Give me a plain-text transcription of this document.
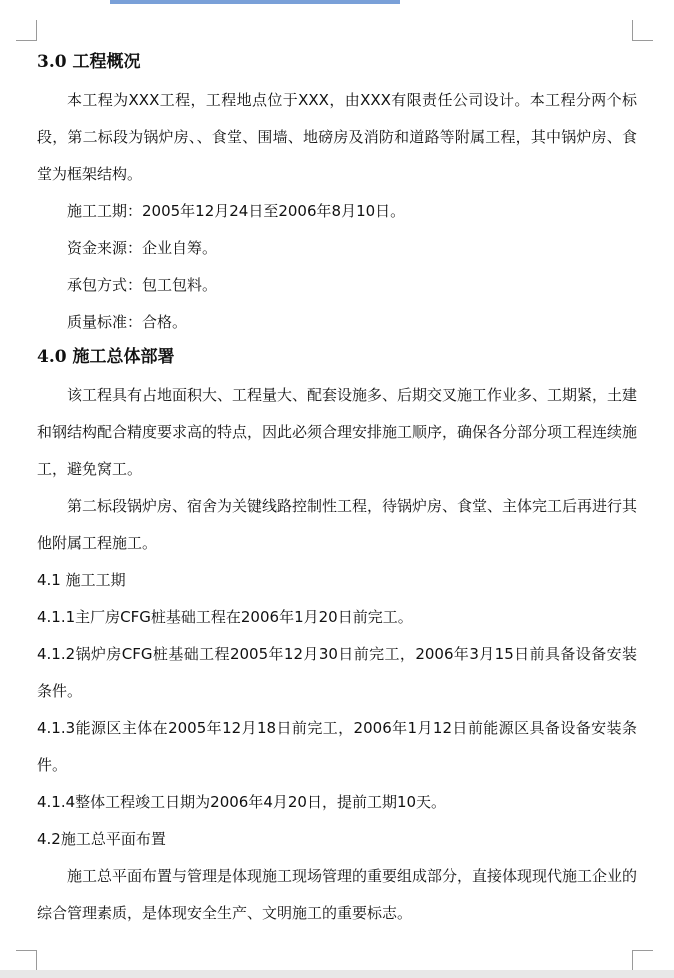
3.0 工程概况

本工程为XXX工程，工程地点位于XXX，由XXX有限责任公司设计。本工程分两个标段，第二标段为锅炉房、、食堂、围墙、地磅房及消防和道路等附属工程，其中锅炉房、食堂为框架结构。

施工工期：2005年12月24日至2006年8月10日。

资金来源：企业自筹。

承包方式：包工包料。

质量标准：合格。

4.0 施工总体部署

该工程具有占地面积大、工程量大、配套设施多、后期交叉施工作业多、工期紧，土建和钢结构配合精度要求高的特点，因此必须合理安排施工顺序，确保各分部分项工程连续施工，避免窝工。

第二标段锅炉房、宿舍为关键线路控制性工程，待锅炉房、食堂、主体完工后再进行其他附属工程施工。

4.1 施工工期

4.1.1主厂房CFG桩基础工程在2006年1月20日前完工。

4.1.2锅炉房CFG桩基础工程2005年12月30日前完工，2006年3月15日前具备设备安装条件。

4.1.3能源区主体在2005年12月18日前完工，2006年1月12日前能源区具备设备安装条件。

4.1.4整体工程竣工日期为2006年4月20日，提前工期10天。

4.2施工总平面布置

施工总平面布置与管理是体现施工现场管理的重要组成部分，直接体现现代施工企业的综合管理素质，是体现安全生产、文明施工的重要标志。
